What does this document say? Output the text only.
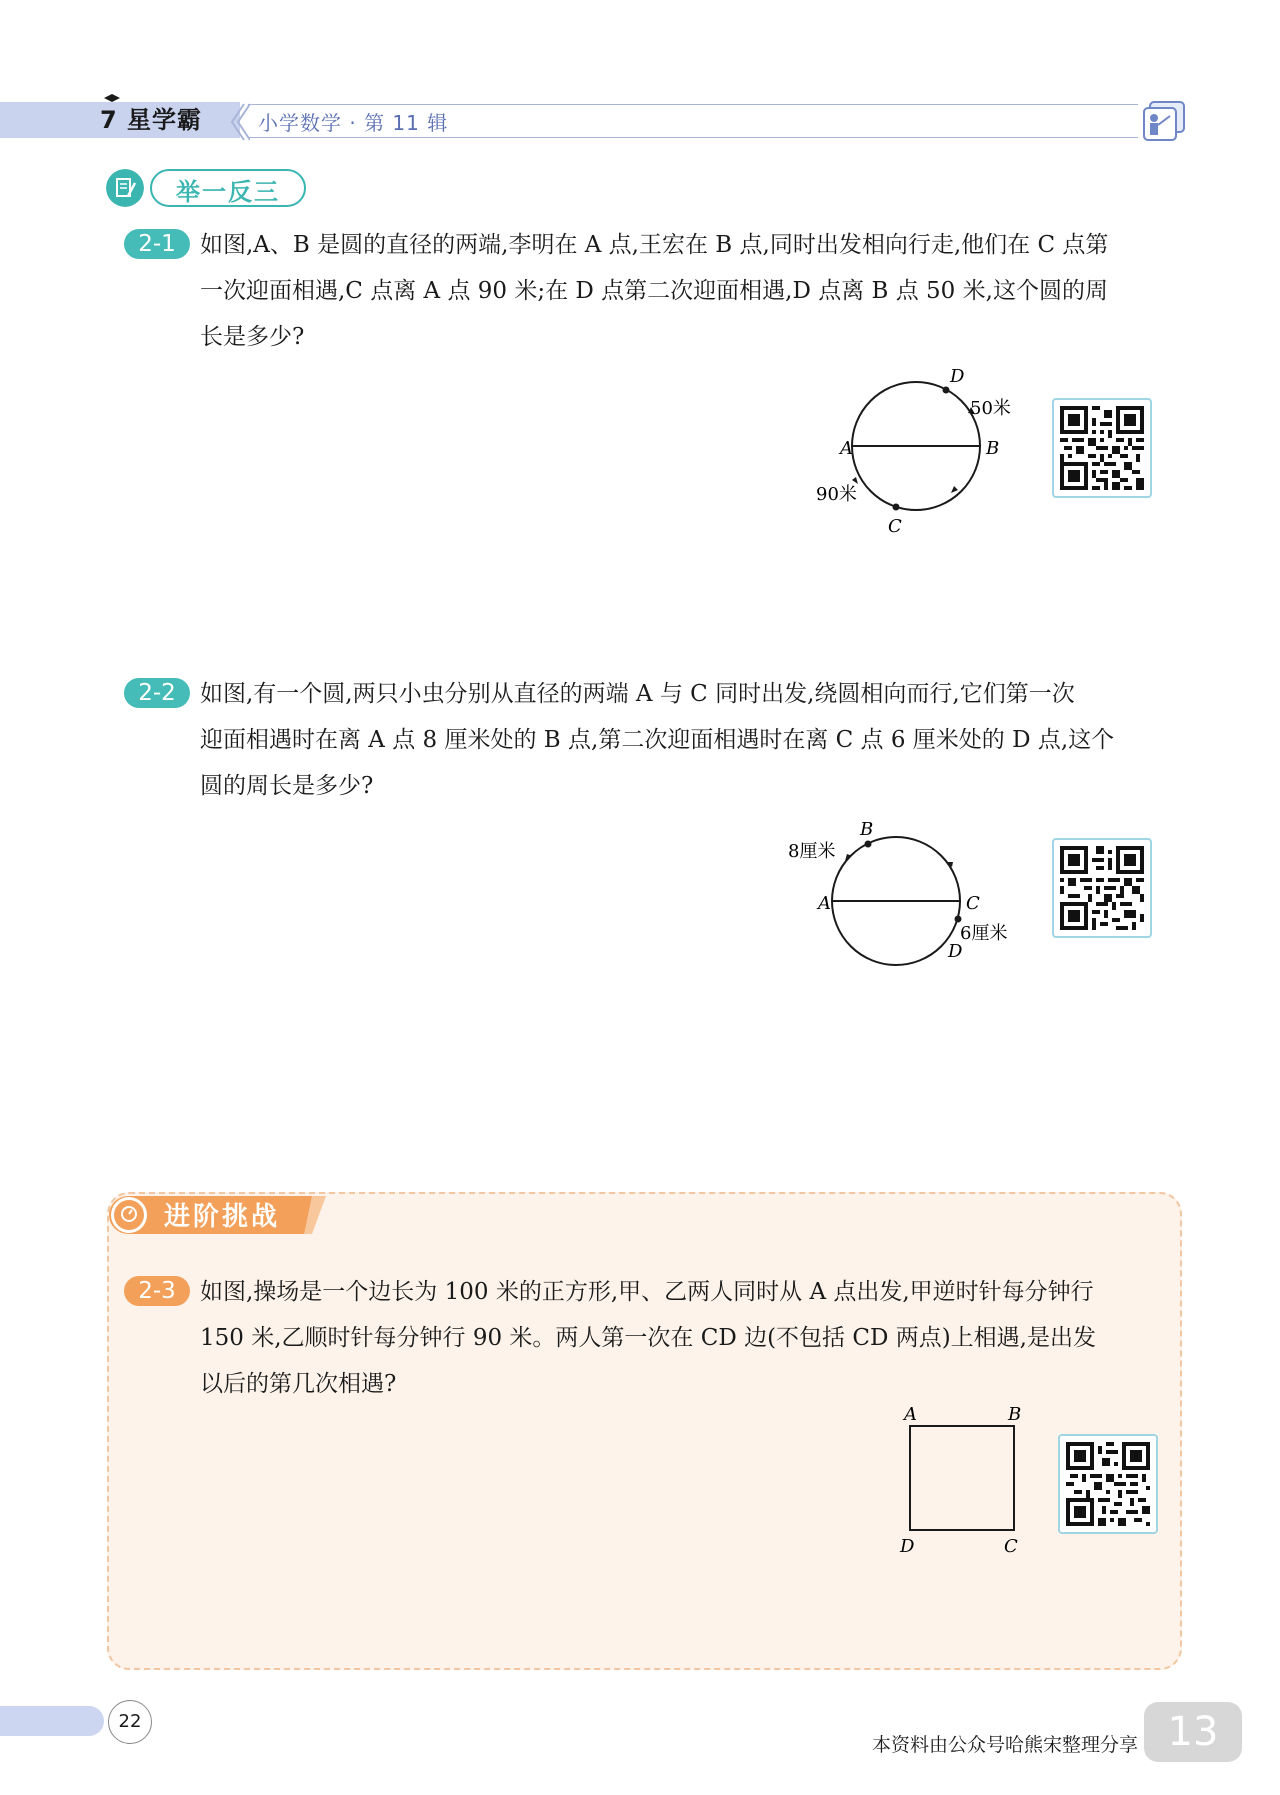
7 星学霸	小学数学 · 第 11 辑
举一反三
2-1	如图,A、B 是圆的直径的两端,李明在 A 点,王宏在 B 点,同时出发相向行走,他们在 C 点第
一次迎面相遇,C 点离 A 点 90 米;在 D 点第二次迎面相遇,D 点离 B 点 50 米,这个圆的周
长是多少?
A	B
D
C
50米
90米
2-2	如图,有一个圆,两只小虫分别从直径的两端 A 与 C 同时出发,绕圆相向而行,它们第一次
迎面相遇时在离 A 点 8 厘米处的 B 点,第二次迎面相遇时在离 C 点 6 厘米处的 D 点,这个
圆的周长是多少?
A	C
B
D
8厘米
6厘米
进阶挑战
2-3	如图,操场是一个边长为 100 米的正方形,甲、乙两人同时从 A 点出发,甲逆时针每分钟行
150 米,乙顺时针每分钟行 90 米。两人第一次在 CD 边(不包括 CD 两点)上相遇,是出发
以后的第几次相遇?
A	B
D	C
22
本资料由公众号哈熊宋整理分享 13
